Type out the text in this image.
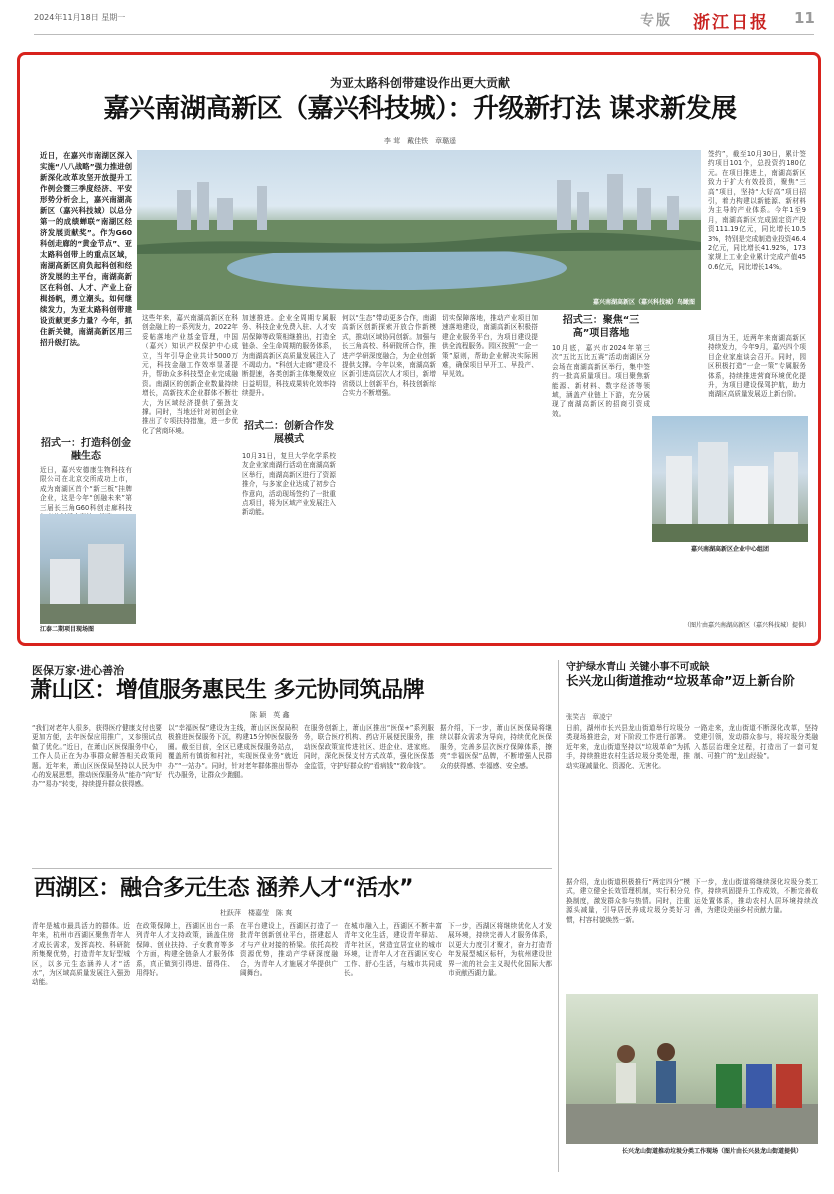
2024年11月18日 星期一	专版 浙江日报 11
为亚太路科创带建设作出更大贡献
嘉兴南湖高新区（嘉兴科技城）：升级新打法 谋求新发展
李 茸　戴佳铁　章璐遥
近日，在嘉兴市南湖区深入实施“八八战略”强力推进创新深化改革攻坚开放提升工作例会暨三季度经济、平安形势分析会上，嘉兴南湖高新区（嘉兴科技城）以总分第一的成绩蝉联“南湖区经济发展贡献奖”。作为G60科创走廊的“黄金节点”、亚太路科创带上的重点区域，南湖高新区肩负起科创和经济发展的主平台，南湖高新区在科创、人才、产业上奋楫扬帆，勇立潮头。如何继续发力，为亚太路科创带建设贡献更多力量？今年，抓住新关键，南湖高新区用三招升级打法。
招式一：打造科创金融生态
近日，嘉兴安德康生物科技有限公司在北京交所成功上市，成为南湖区首个“新三板”挂牌企业，这是今年“创融未来”第三届长三角G60科创走廊科技
嘉兴南湖高新区（嘉兴科技城）鸟瞰图
江泰二期项目现场图
这些年来，嘉兴南湖高新区在科创金融上的一系列发力，2022年妥帖落地产业基金管理，中国（嘉兴）知识产权保护中心成立，当年引导企业共计5000万元，科技金融工作效率显著提升，帮助众多科技型企业完成融资。南湖区的创新企业数量持续增长，高新技术企业群体不断壮大，为区域经济提供了强劲支撑。同时，当地还针对初创企业推出了专项扶持措施，进一步优化了营商环境。
加速推进。企业全周期专属服务、科技企业免费入驻、人才安居保障等政策相继推出，打造全链条、全生命周期的服务体系，为南湖高新区高质量发展注入了不竭动力。“科创大走廊”建设不断提速，各类创新主体集聚效应日益明显，科技成果转化效率持续提升。
招式二：创新合作发展模式
10月31日，复旦大学化学系校友企业家南湖行活动在南湖高新区举行，南湖高新区进行了资源推介，与多家企业达成了初步合作意向，活动现场签约了一批重点项目，将为区域产业发展注入新动能。
何以“生态”带动更多合作，南湖高新区创新探索开放合作新模式，推动区域协同创新。加强与长三角高校、科研院所合作，推进产学研深度融合，为企业创新提供支撑。今年以来，南湖高新区新引进高层次人才项目，新增省级以上创新平台，科技创新综合实力不断增强。
切实保障落地，推动产业项目加速落地建设，南湖高新区积极搭建企业服务平台，为项目建设提供全流程服务。园区按照“一企一策”原则，帮助企业解决实际困难，确保项目早开工、早投产、早见效。
招式三：聚焦“三高”项目落地
10月底，嘉兴市2024年第三次“五比五比五赛”活动南湖区分会场在南湖高新区举行，集中签约一批高质量项目。项目聚焦新能源、新材料、数字经济等领域，涵盖产业链上下游，充分展现了南湖高新区的招商引资成效。
签约”，截至10月30日，累计签约项目101个，总投资约180亿元。在项目推进上，南湖高新区致力于扩大有效投资，聚焦“三高”项目，坚持“大好高”项目招引，着力构建以新能源、新材料为主导的产业体系。今年1至9月，南湖高新区完成固定资产投资111.19亿元，同比增长10.53%，特别是完成制造业投资46.42亿元，同比增长41.92%，173家规上工业企业累计完成产值450.6亿元，同比增长14%。
项目为王，近两年来南湖高新区持续发力，今年9月，嘉兴四个项目企业家座谈会召开。同时，园区积极打造“一企一策”专属服务体系，持续推进营商环境优化提升，为项目建设保驾护航，助力南湖区高质量发展迈上新台阶。
嘉兴南湖高新区企业中心组团
（图片由嘉兴南湖高新区（嘉兴科技城）提供）
医保万家·进心善治
萧山区：增值服务惠民生 多元协同筑品牌
陈 颖　英 鑫
“我们对老年人很多，获得医疗健康支付也要更加方便，去年医保应用推广，又参照试点做了优化。”近日，在萧山区医保服务中心，工作人员正在为办事群众解答相关政策问题。近年来，萧山区医保局坚持以人民为中心的发展思想，推动医保服务从“能办”向“好办”“易办”转变，持续提升群众获得感。
以“幸福医保”建设为主线，萧山区医保局积极推进医保服务下沉，构建15分钟医保服务圈。截至目前，全区已建成医保服务站点，覆盖所有镇街和村社，实现医保业务“就近办”“一站办”。同时，针对老年群体推出帮办代办服务，让群众少跑腿。
在服务创新上，萧山区推出“医保+”系列服务，联合医疗机构、药店开展便民服务，推动医保政策宣传进社区、进企业、进家庭。同时，深化医保支付方式改革，强化医保基金监管，守护好群众的“看病钱”“救命钱”。
据介绍，下一步，萧山区医保局将继续以群众需求为导向，持续优化医保服务，完善多层次医疗保障体系，擦亮“幸福医保”品牌，不断增强人民群众的获得感、幸福感、安全感。
守护绿水青山 关键小事不可或缺
长兴龙山街道推动“垃圾革命”迈上新台阶
张笑吉　章凌宁
日前，湖州市长兴县龙山街道举行垃圾分类现场推进会，对下阶段工作进行部署。近年来，龙山街道坚持以“垃圾革命”为抓手，持续推进农村生活垃圾分类处理，推动实现减量化、资源化、无害化。
一路走来，龙山街道不断深化改革，坚持党建引领，发动群众参与，将垃圾分类融入基层治理全过程，打造出了一套可复制、可推广的“龙山经验”。
据介绍，龙山街道积极推行“两定四分”模式，建立健全长效管理机制，实行积分兑换制度，激发群众参与热情。同时，注重源头减量，引导居民养成垃圾分类好习惯，村容村貌焕然一新。
下一步，龙山街道将继续深化垃圾分类工作，持续巩固提升工作成效，不断完善收运处置体系，推动农村人居环境持续改善，为建设美丽乡村贡献力量。
长兴龙山街道推动垃圾分类工作现场（图片由长兴县龙山街道提供）
西湖区：融合多元生态 涵养人才“活水”
杜跃萍　楼嘉莹　陈 爽
青年是城市最具活力的群体。近年来，杭州市西湖区聚焦青年人才成长需求，发挥高校、科研院所集聚优势，打造青年友好型城区，以多元生态涵养人才“活水”，为区域高质量发展注入强劲动能。
在政策保障上，西湖区出台一系列青年人才支持政策，涵盖住房保障、创业扶持、子女教育等多个方面，构建全链条人才服务体系，真正做到引得进、留得住、用得好。
在平台建设上，西湖区打造了一批青年创新创业平台，搭建起人才与产业对接的桥梁。依托高校资源优势，推动产学研深度融合，为青年人才施展才华提供广阔舞台。
在城市融入上，西湖区不断丰富青年文化生活，建设青年驿站、青年社区，营造宜居宜业的城市环境，让青年人才在西湖区安心工作、舒心生活，与城市共同成长。
下一步，西湖区将继续优化人才发展环境，持续完善人才服务体系，以更大力度引才聚才，奋力打造青年发展型城区标杆，为杭州建设世界一流的社会主义现代化国际大都市贡献西湖力量。
